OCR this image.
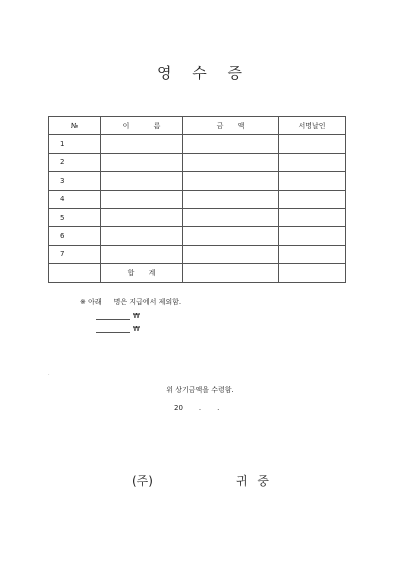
영 수 증
№	이 름	금 액	서명날인
1			
2			
3			
4			
5			
6			
7			
	합 계		
※ 아래 명은 지급에서 제외함.
₩
₩
·
위 상기금액을 수령함.
20 . .
(주)	귀 중
